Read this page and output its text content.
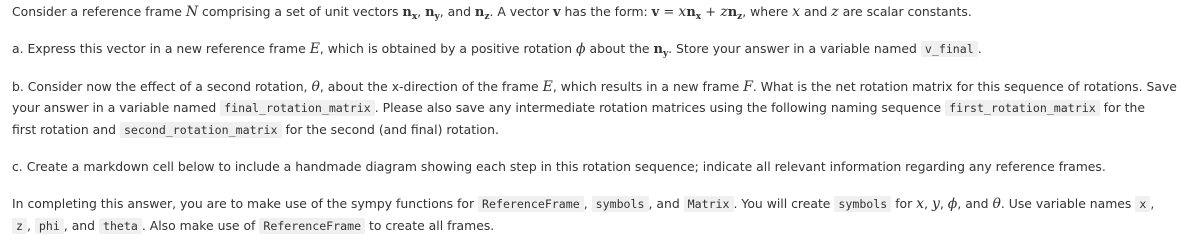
Consider a reference frame N comprising a set of unit vectors $n_x$, $n_y$, and $n_z$. A vector v has the form: $v = xn_x + zn_z$, where x and z are scalar constants.

a. Express this vector in a new reference frame E, which is obtained by a positive rotation ϕ about the $n_y$. Store your answer in a variable named v_final .

b. Consider now the effect of a second rotation, θ, about the x-direction of the frame E, which results in a new frame F. What is the net rotation matrix for this sequence of rotations. Save

your answer in a variable named final_rotation_matrix . Please also save any intermediate rotation matrices using the following naming sequence first_rotation_matrix for the

first rotation and second_rotation_matrix for the second (and final) rotation.

c. Create a markdown cell below to include a handmade diagram showing each step in this rotation sequence; indicate all relevant information regarding any reference frames.

In completing this answer, you are to make use of the sympy functions for ReferenceFrame , symbols , and Matrix . You will create symbols for x, y, ϕ, and θ. Use variable names x ,

z , phi , and theta . Also make use of ReferenceFrame to create all frames.
